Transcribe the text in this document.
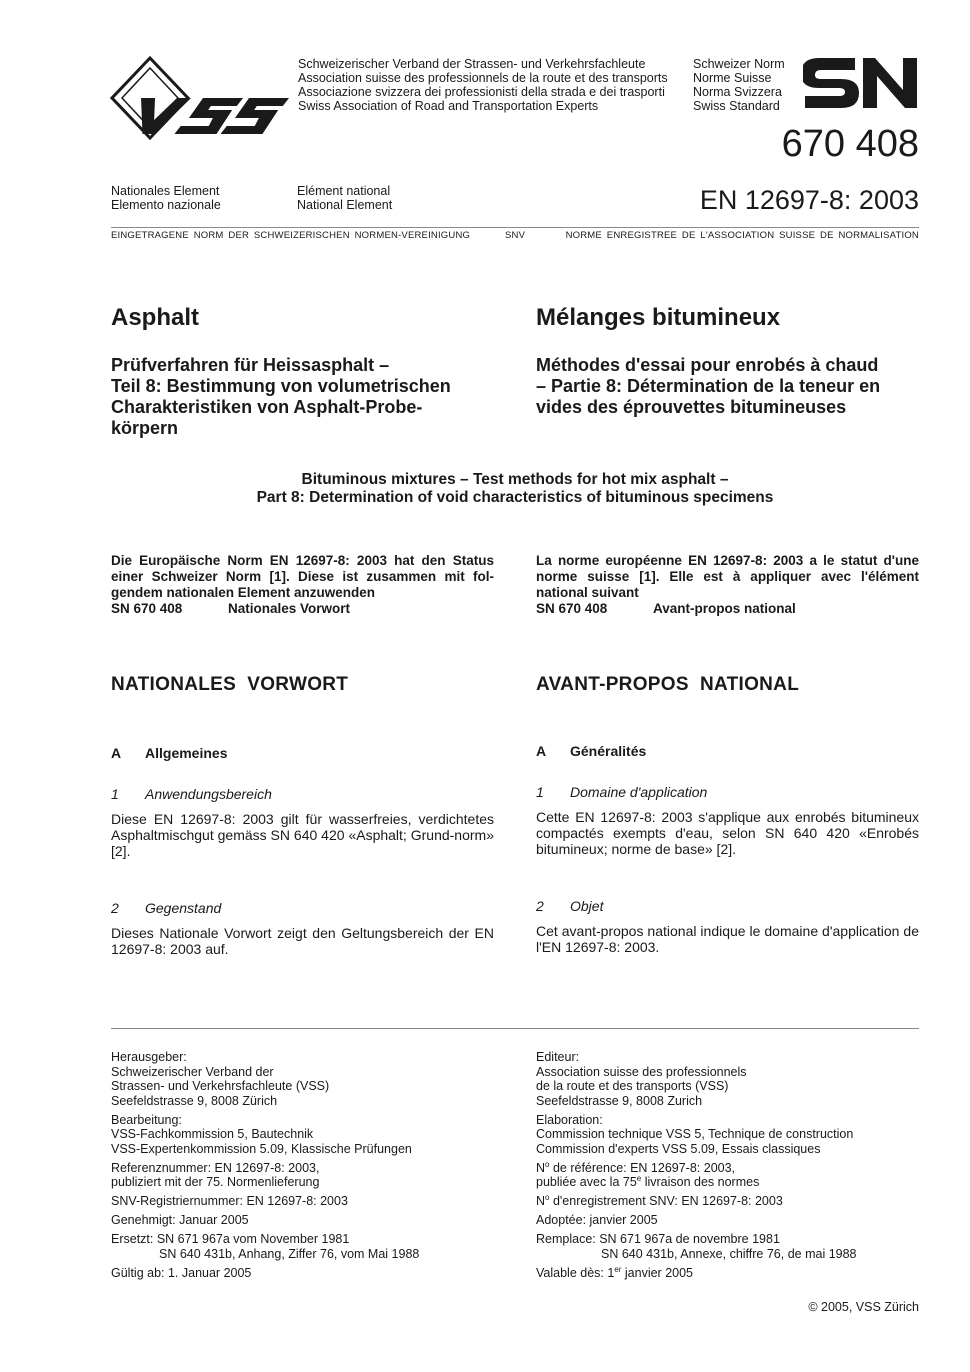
Schweizerischer Verband der Strassen- und Verkehrsfachleute
Association suisse des professionnels de la route et des transports
Associazione svizzera dei professionisti della strada e dei trasporti
Swiss Association of Road and Transportation Experts
Schweizer Norm
Norme Suisse
Norma Svizzera
Swiss Standard
670 408
Nationales Element
Elemento nazionale
Elément national
National Element	EN 12697-8: 2003
EINGETRAGENE NORM DER SCHWEIZERISCHEN NORMEN-VEREINIGUNG	SNV	NORME ENREGISTREE DE L'ASSOCIATION SUISSE DE NORMALISATION
Asphalt	Mélanges bitumineux
Prüfverfahren für Heissasphalt –
Teil 8: Bestimmung von volumetrischen
Charakteristiken von Asphalt-Probe-
körpern
Méthodes d'essai pour enrobés à chaud
– Partie 8: Détermination de la teneur en
vides des éprouvettes bitumineuses
Bituminous mixtures – Test methods for hot mix asphalt –
Part 8: Determination of void characteristics of bituminous specimens
Die Europäische Norm EN 12697-8: 2003 hat den Status
einer Schweizer Norm [1]. Diese ist zusammen mit fol-
gendem nationalen Element anzuwenden
SN 670 408	Nationales Vorwort
La norme européenne EN 12697-8: 2003 a le statut d'une
norme suisse [1]. Elle est à appliquer avec l'élément
national suivant
SN 670 408	Avant-propos national
NATIONALES  VORWORT	AVANT-PROPOS  NATIONAL
A Allgemeines	A Généralités
1 Anwendungsbereich	1 Domaine d'application
Diese EN 12697-8: 2003 gilt für wasserfreies, verdichtetes Asphaltmischgut gemäss SN 640 420 «Asphalt; Grund-norm» [2].
Cette EN 12697-8: 2003 s'applique aux enrobés bitumineux compactés exempts d'eau, selon SN 640 420 «Enrobés bitumineux; norme de base» [2].
2 Gegenstand	2 Objet
Dieses Nationale Vorwort zeigt den Geltungsbereich der EN 12697-8: 2003 auf.
Cet avant-propos national indique le domaine d'application de l'EN 12697-8: 2003.
Herausgeber:
Schweizerischer Verband der
Strassen- und Verkehrsfachleute (VSS)
Seefeldstrasse 9, 8008 Zürich
Bearbeitung:
VSS-Fachkommission 5, Bautechnik
VSS-Expertenkommission 5.09, Klassische Prüfungen
Referenznummer: EN 12697-8: 2003,
publiziert mit der 75. Normenlieferung
SNV-Registriernummer: EN 12697-8: 2003
Genehmigt: Januar 2005
Ersetzt: SN 671 967a vom November 1981
SN 640 431b, Anhang, Ziffer 76, vom Mai 1988
Gültig ab: 1. Januar 2005
Editeur:
Association suisse des professionnels
de la route et des transports (VSS)
Seefeldstrasse 9, 8008 Zurich
Elaboration:
Commission technique VSS 5, Technique de construction
Commission d'experts VSS 5.09, Essais classiques
$N^o$ de référence: EN 12697-8: 2003,
publiée avec la 75e livraison des normes
$N^o$ d'enregistrement SNV: EN 12697-8: 2003
Adoptée: janvier 2005
Remplace: SN 671 967a de novembre 1981
SN 640 431b, Annexe, chiffre 76, de mai 1988
Valable dès: 1er janvier 2005
© 2005, VSS Zürich
